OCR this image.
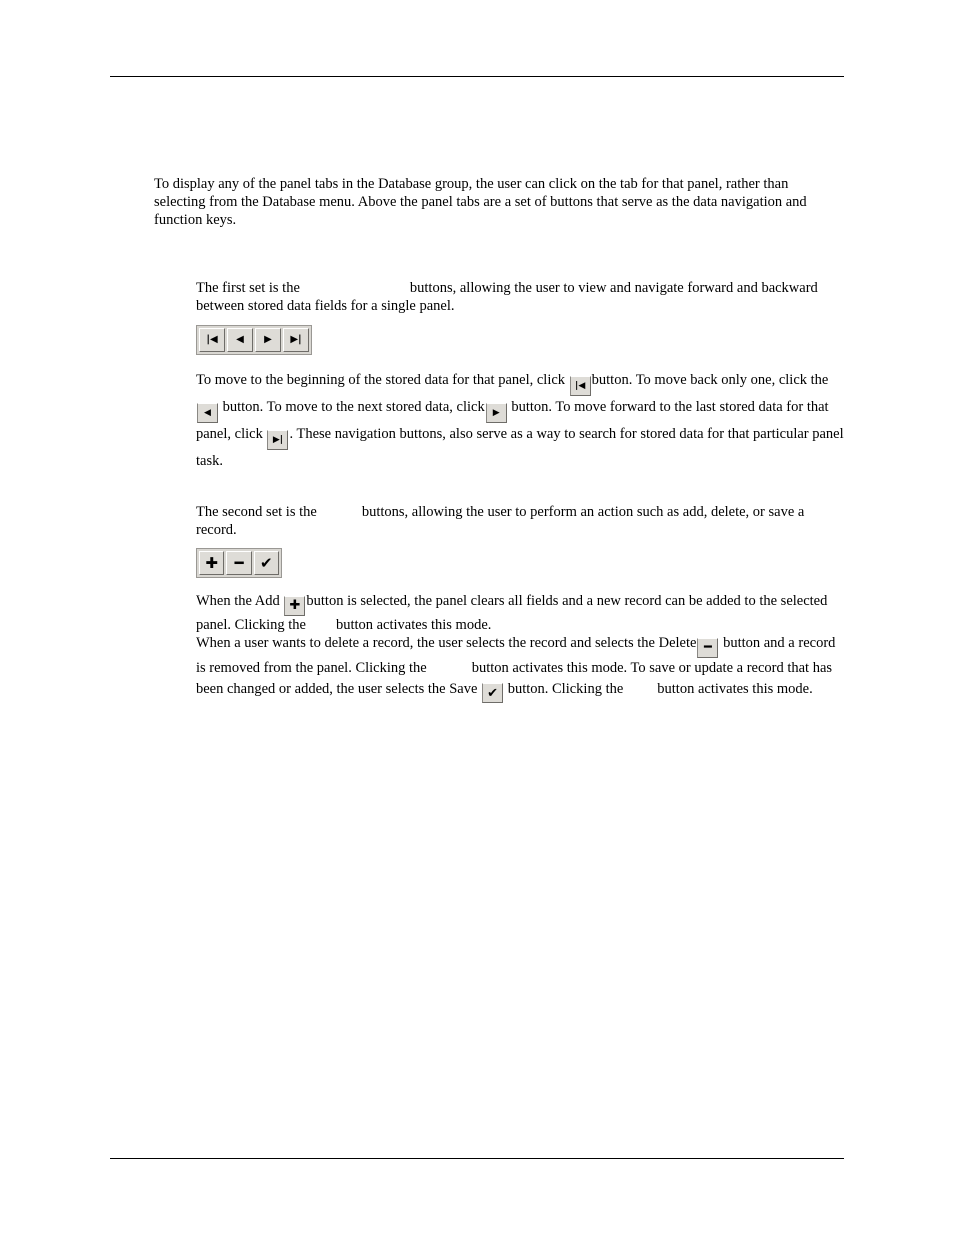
To display any of the panel tabs in the Database group, the user can click on the tab for that panel, rather than selecting from the Database menu. Above the panel tabs are a set of buttons that serve as the data navigation and function keys.

The first set is the	buttons, allowing the user to view and navigate forward and backward between stored data fields for a single panel.

|◀ ◀ ▶ ▶|

To move to the beginning of the stored data for that panel, click |◀ button. To move back only one, click the
◀ button. To move to the next stored data, click ▶ button. To move forward to the last stored data for that panel, click ▶| . These navigation buttons, also serve as a way to search for stored data for that particular panel task.

The second set is the	buttons, allowing the user to perform an action such as add, delete, or save a record.

✚ ━ ✔

When the Add ✚ button is selected, the panel clears all fields and a new record can be added to the selected panel. Clicking the button activates this mode.

When a user wants to delete a record, the user selects the record and selects the Delete ━ button and a record is removed from the panel. Clicking the	button activates this mode. To save or update a record that has been changed or added, the user selects the Save ✔ button. Clicking the button activates this mode.
